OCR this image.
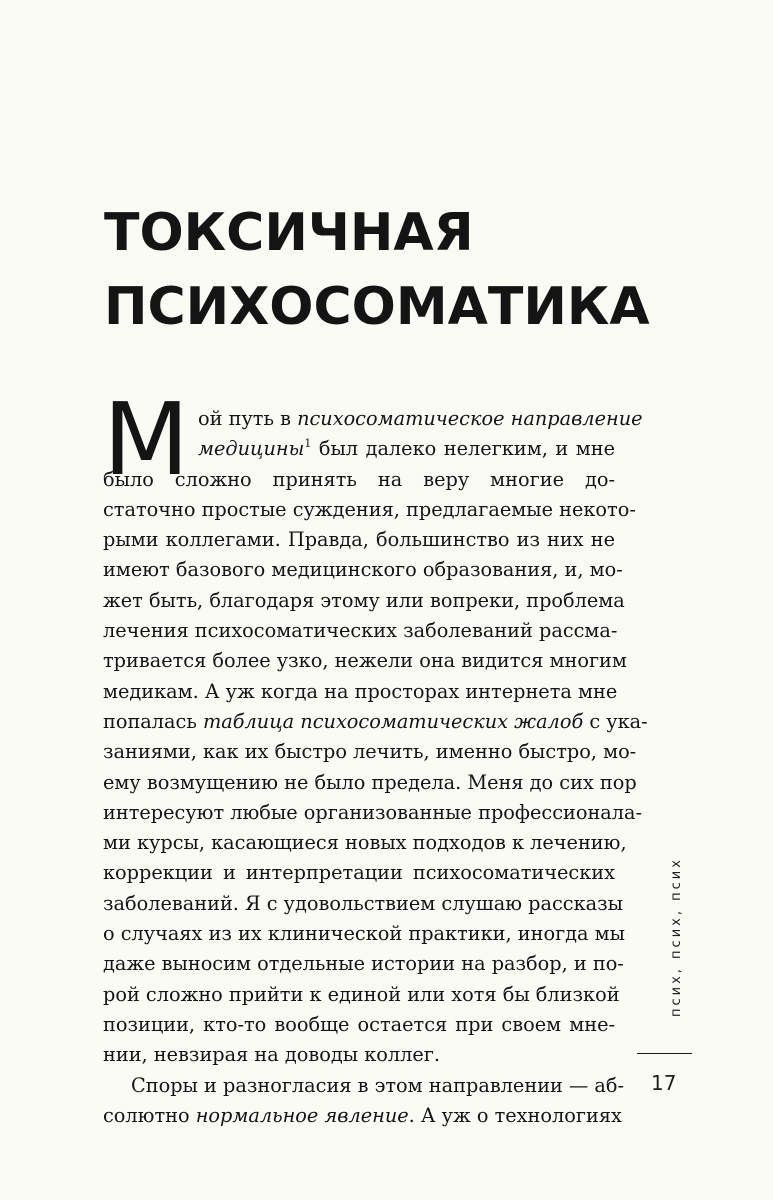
ТОКСИЧНАЯ
ПСИХОСОМАТИКА
М ой путь в психосоматическое направление
медицины$^1$ был далеко нелегким, и мне
было сложно принять на веру многие до-
статочно простые суждения, предлагаемые некото-
рыми коллегами. Правда, большинство из них не
имеют базового медицинского образования, и, мо-
жет быть, благодаря этому или вопреки, проблема
лечения психосоматических заболеваний рассма-
тривается более узко, нежели она видится многим
медикам. А уж когда на просторах интернета мне
попалась таблица психосоматических жалоб с ука-
заниями, как их быстро лечить, именно быстро, мо-
ему возмущению не было предела. Меня до сих пор
интересуют любые организованные профессионала-
ми курсы, касающиеся новых подходов к лечению,
коррекции и интерпретации психосоматических
заболеваний. Я с удовольствием слушаю рассказы
о случаях из их клинической практики, иногда мы
даже выносим отдельные истории на разбор, и по-
рой сложно прийти к единой или хотя бы близкой
позиции, кто-то вообще остается при своем мне-
нии, невзирая на доводы коллег.
Споры и разногласия в этом направлении — аб-
солютно нормальное явление. А уж о технологиях
псих, псих, псих
17
